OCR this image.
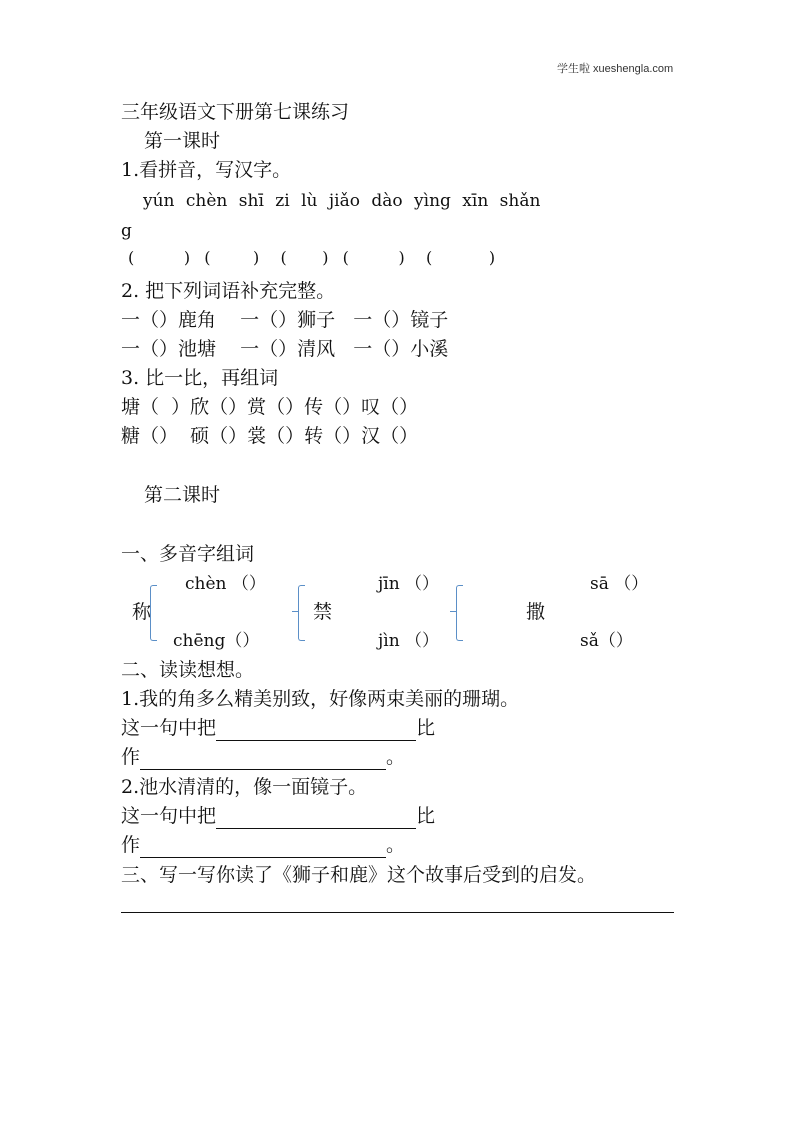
学生啦 xueshengla.com
三年级语文下册第七课练习
第一课时
1.看拼音，写汉字。
yún chèn shī zi lù jiǎo dào yìng xīn shǎn
g
(       )  (      )   (     )  (       )   (        )
2. 把下列词语补充完整。
一（）鹿角    一（）狮子   一（）镜子
一（）池塘    一（）清风   一（）小溪
3. 比一比，再组词
塘（  ）欣（）赏（）传（）叹（）
糖（）  硕（）裳（）转（）汉（）
第二课时
一、多音字组词
chèn （）
称
chēng（）
jīn （）
禁
jìn （）
sā （）
撒
sǎ（）
二、读读想想。
1.我的角多么精美别致，好像两束美丽的珊瑚。
这一句中把	比
作	。
2.池水清清的，像一面镜子。
这一句中把	比
作	。
三、写一写你读了《狮子和鹿》这个故事后受到的启发。
